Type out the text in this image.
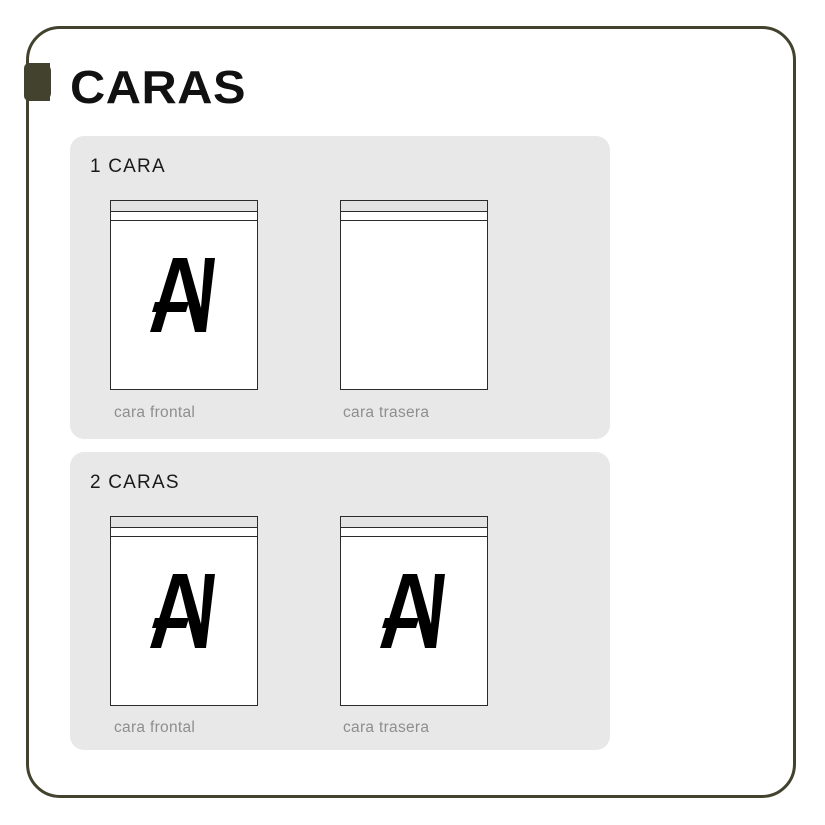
CARAS
1 CARA
cara frontal	cara trasera
2 CARAS
cara frontal	cara trasera
